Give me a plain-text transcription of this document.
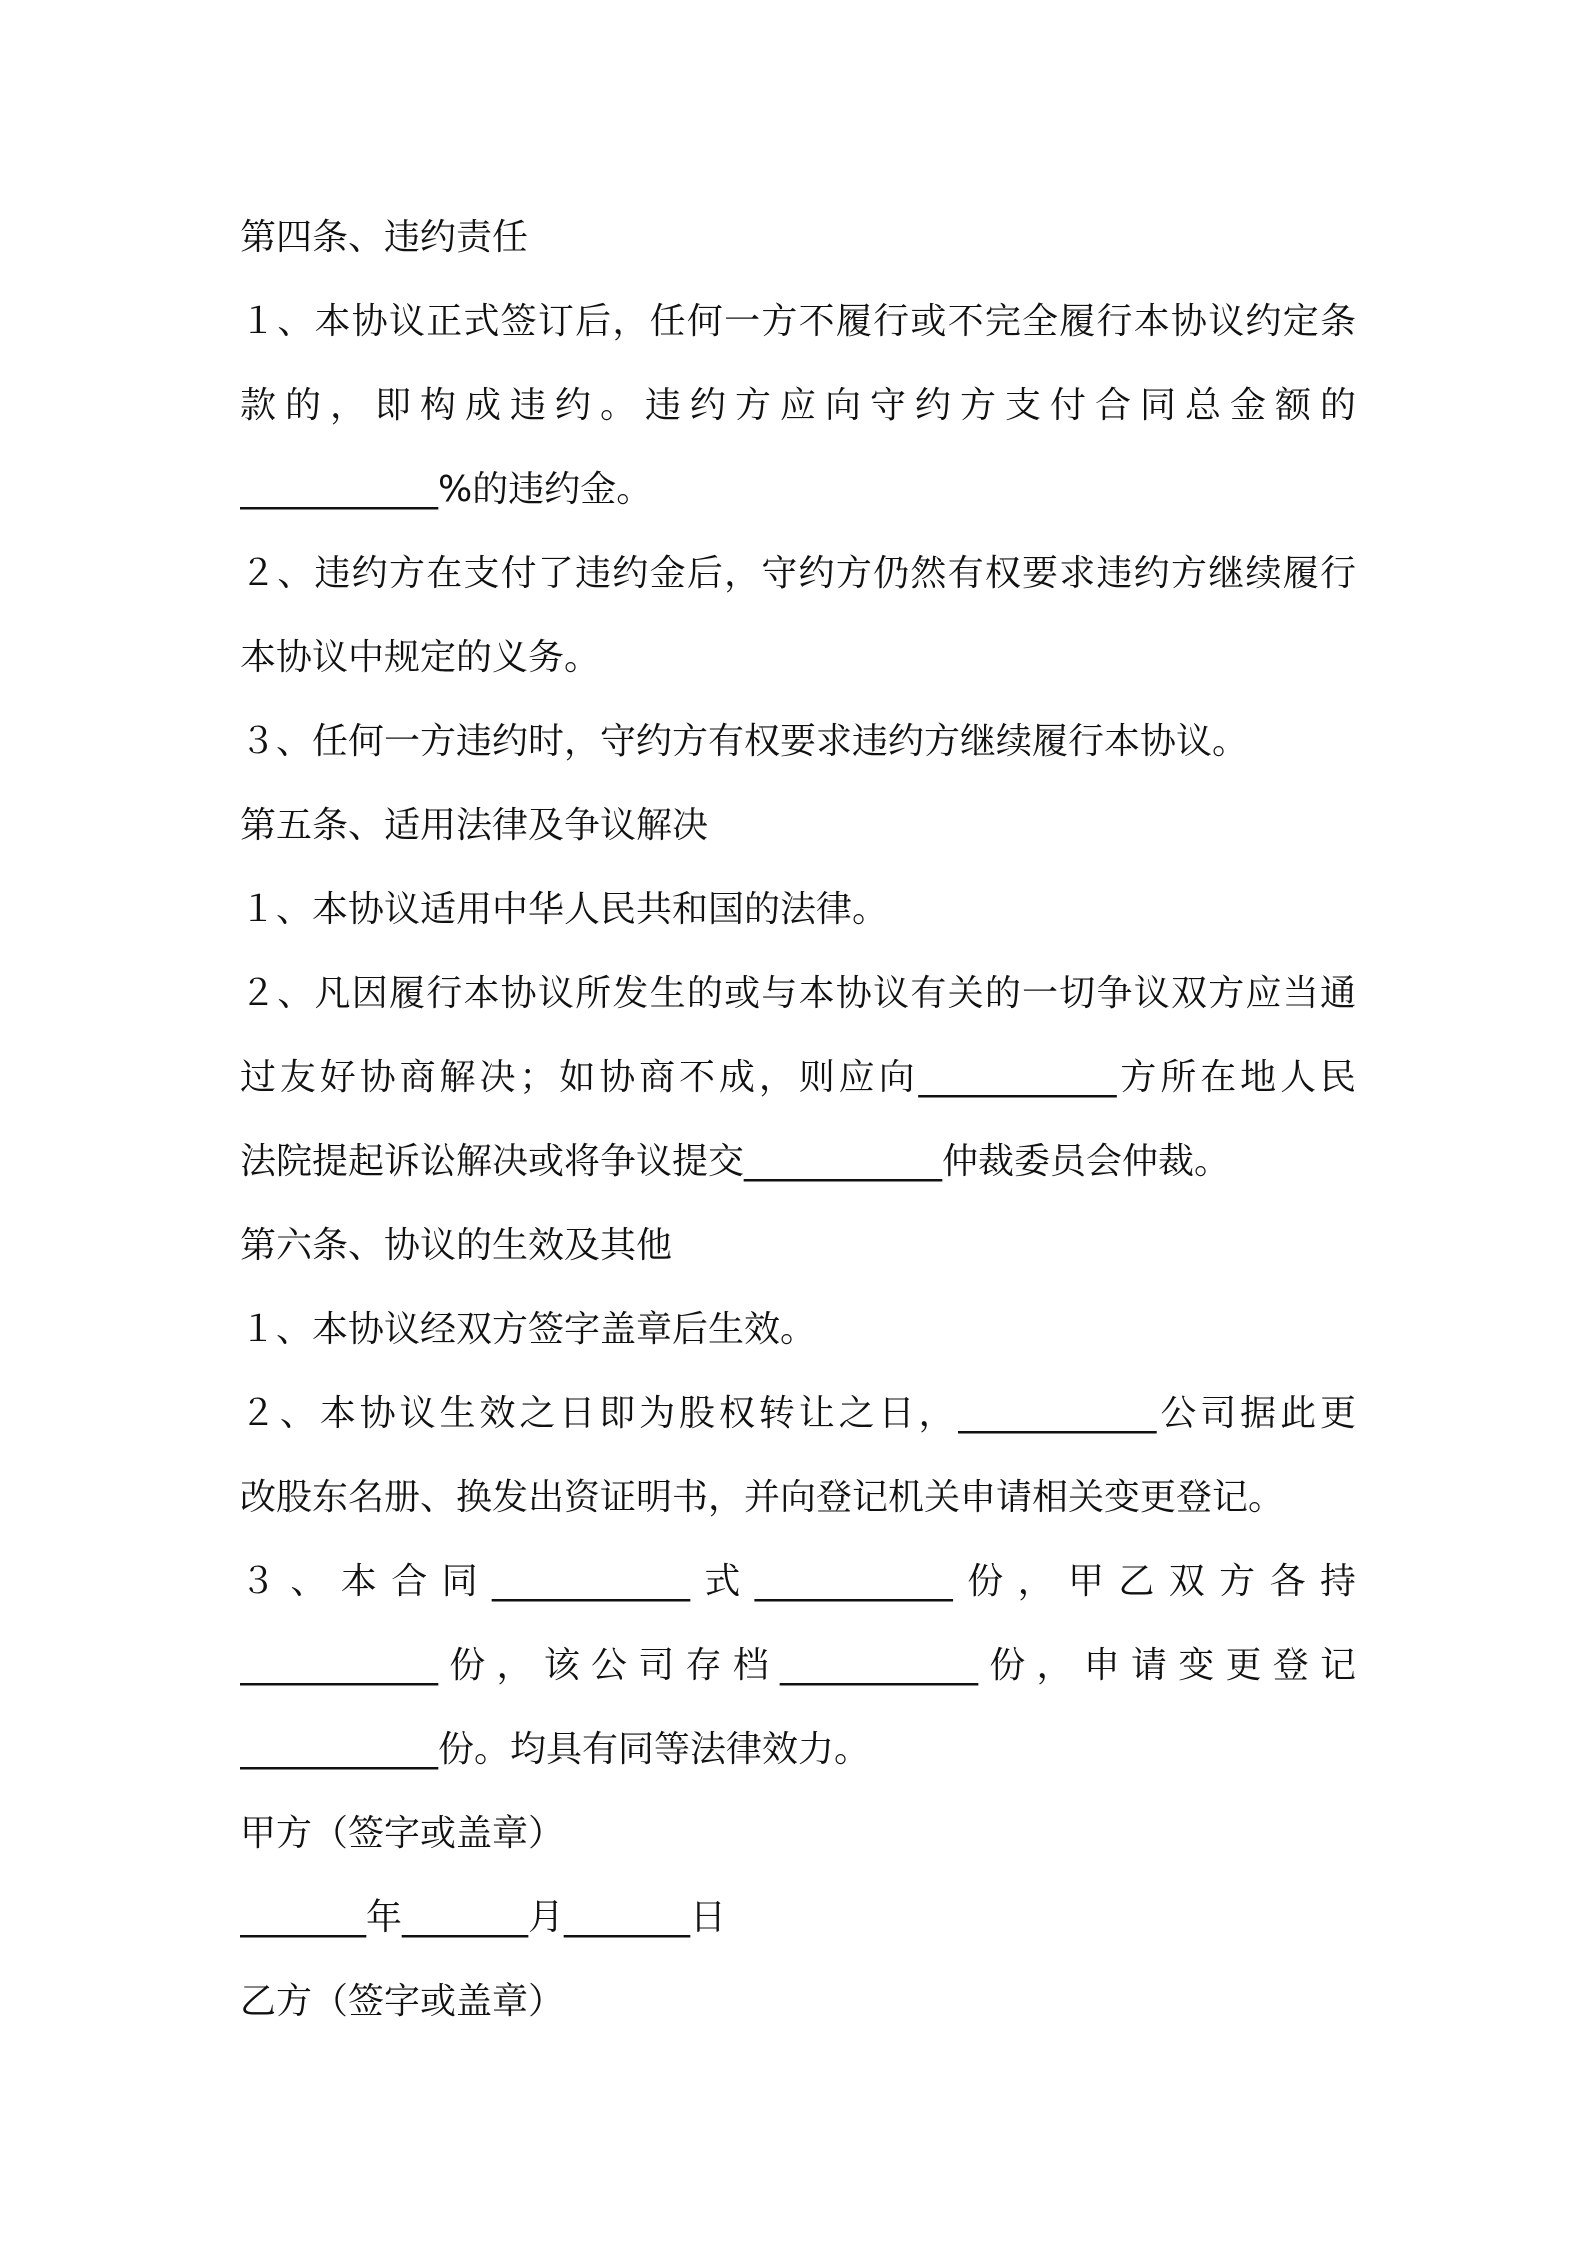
第四条、违约责任
１、本协议正式签订后，任何一方不履行或不完全履行本协议约定条
款的，即构成违约。违约方应向守约方支付合同总金额的
___________%的违约金。
２、违约方在支付了违约金后，守约方仍然有权要求违约方继续履行
本协议中规定的义务。
３、任何一方违约时，守约方有权要求违约方继续履行本协议。
第五条、适用法律及争议解决
１、本协议适用中华人民共和国的法律。
２、凡因履行本协议所发生的或与本协议有关的一切争议双方应当通
过友好协商解决；如协商不成，则应向___________方所在地人民
法院提起诉讼解决或将争议提交___________仲裁委员会仲裁。
第六条、协议的生效及其他
１、本协议经双方签字盖章后生效。
２、本协议生效之日即为股权转让之日，___________公司据此更
改股东名册、换发出资证明书，并向登记机关申请相关变更登记。
３、本合同___________式___________份，甲乙双方各持
___________份，该公司存档___________份，申请变更登记
___________份。均具有同等法律效力。
甲方（签字或盖章）
_______年_______月_______日
乙方（签字或盖章）
